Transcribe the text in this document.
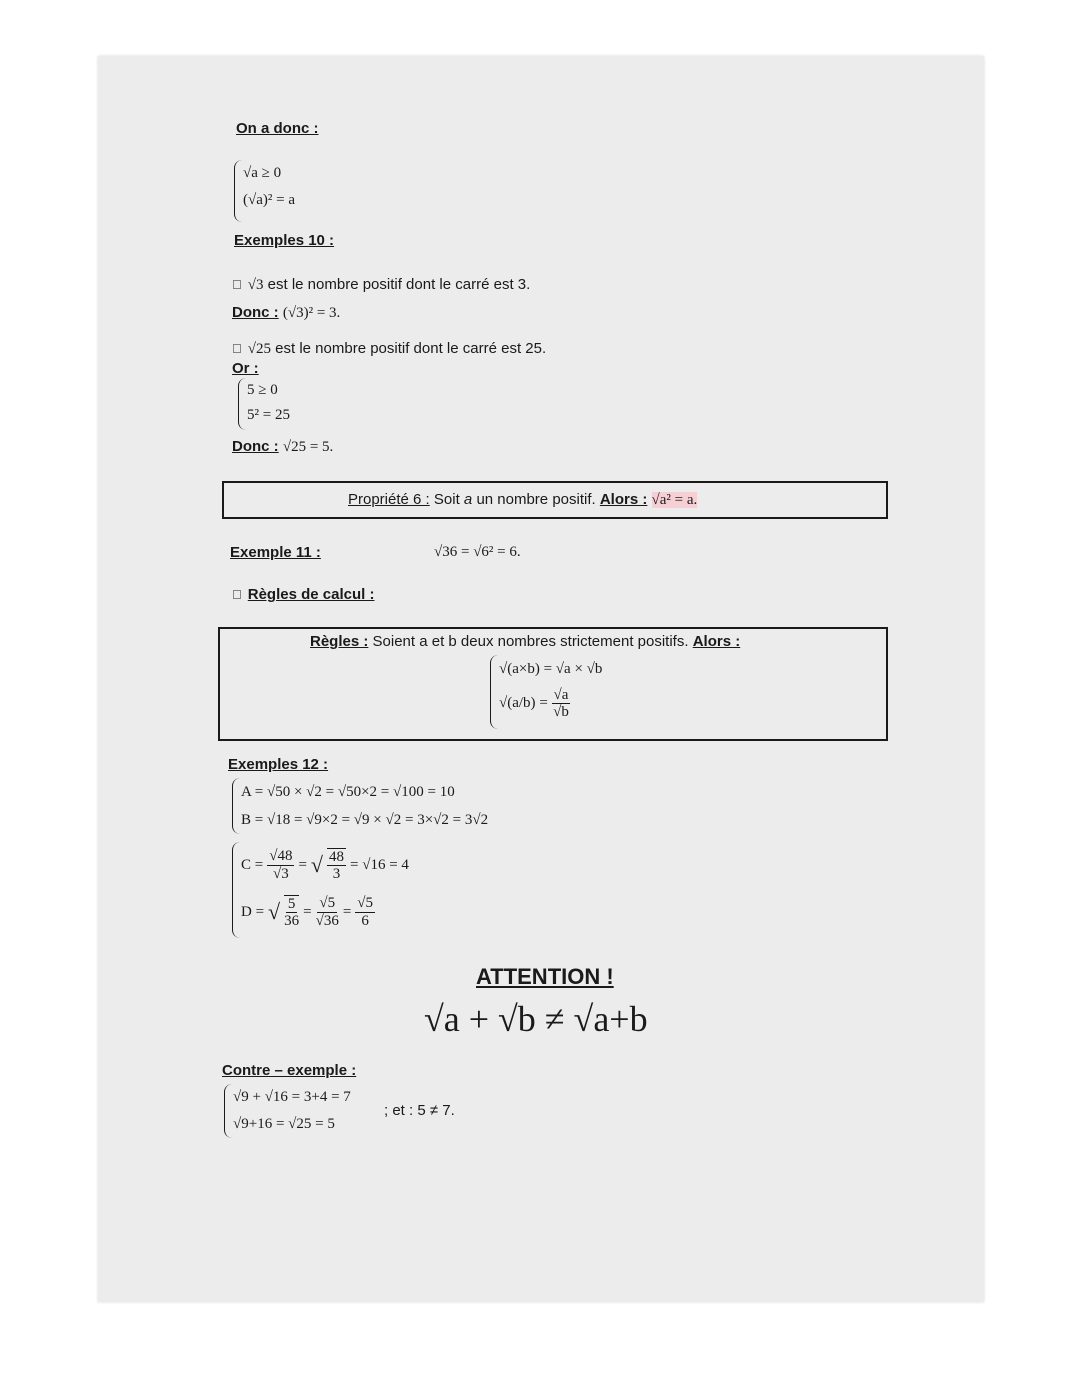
On a donc :
√a ≥ 0
(√a)² = a
Exemples 10 :
√3 est le nombre positif dont le carré est 3.
Donc : (√3)² = 3.
√25 est le nombre positif dont le carré est 25.
Or :
5 ≥ 0
5² = 25
Donc : √25 = 5.
Propriété 6 : Soit a un nombre positif. Alors : √a² = a.
Exemple 11 :	√36 = √6² = 6.
Règles de calcul :
Règles : Soient a et b deux nombres strictement positifs. Alors :
√(a×b) = √a × √b
$√(a/b) = \frac{√a}{√b}$
Exemples 12 :
A = √50 × √2 = √50×2 = √100 = 10
B = √18 = √9×2 = √9 × √2 = 3×√2 = 3√2
$C = \frac{√48}{√3}$ = √ $\frac{48}{3} = √16 = 4$
D = √ $\frac{5}{36} = \frac{√5}{√36} = \frac{√5}{6}$
ATTENTION !
√a + √b ≠ √a+b
Contre – exemple :
√9 + √16 = 3+4 = 7
√9+16 = √25 = 5
; et : 5 ≠ 7.
